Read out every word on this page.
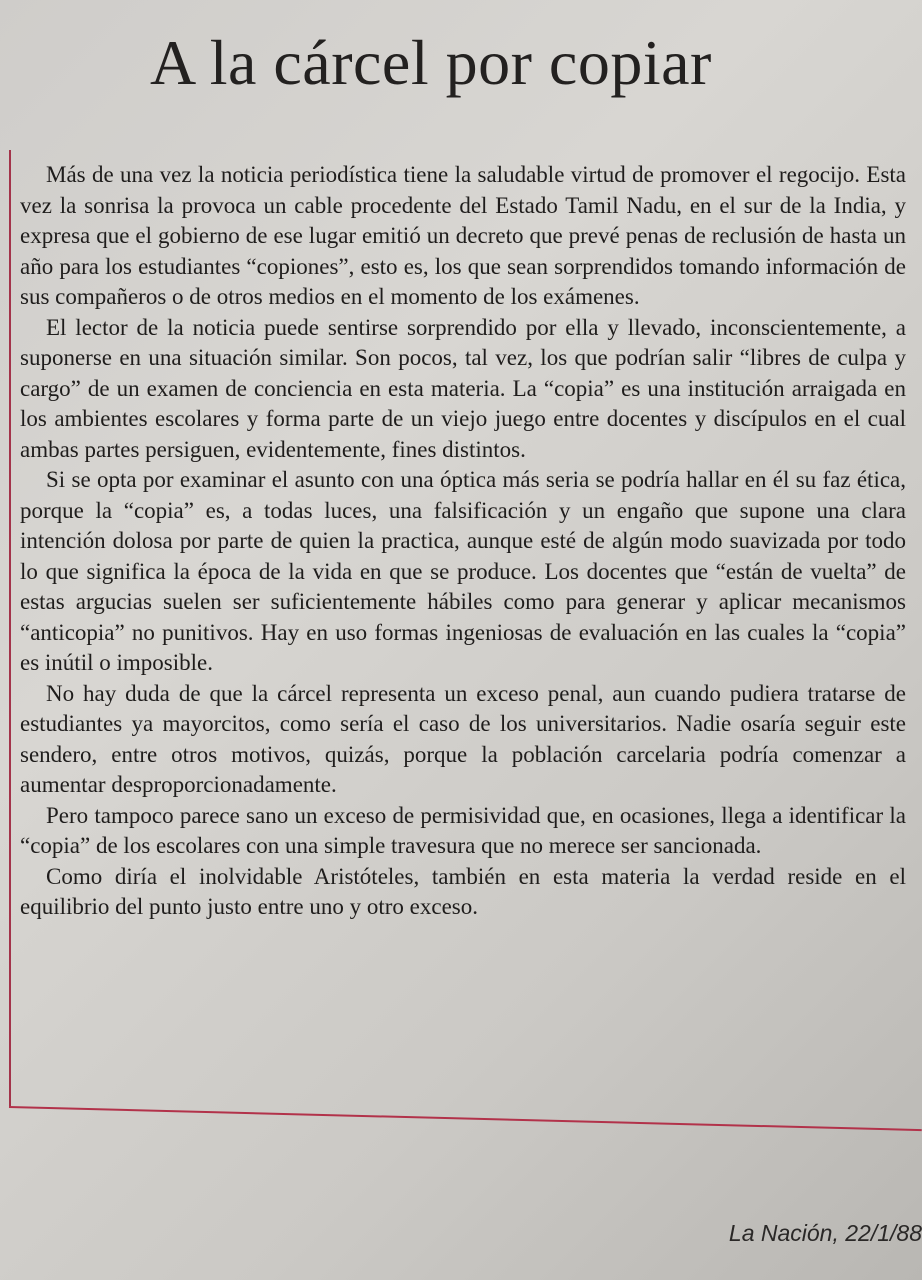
A la cárcel por copiar

Más de una vez la noticia periodística tiene la saludable virtud de promover el regocijo. Esta vez la sonrisa la provoca un cable procedente del Estado Tamil Nadu, en el sur de la India, y expresa que el gobierno de ese lugar emitió un decreto que prevé penas de reclusión de hasta un año para los estudiantes “copiones”, esto es, los que sean sorprendidos tomando información de sus compañeros o de otros medios en el momento de los exámenes.

El lector de la noticia puede sentirse sorprendido por ella y llevado, inconscientemente, a suponerse en una situación similar. Son pocos, tal vez, los que podrían salir “libres de culpa y cargo” de un examen de conciencia en esta materia. La “copia” es una institución arraigada en los ambientes escolares y forma parte de un viejo juego entre docentes y discípulos en el cual ambas partes persiguen, evidentemente, fines distintos.

Si se opta por examinar el asunto con una óptica más seria se podría hallar en él su faz ética, porque la “copia” es, a todas luces, una falsificación y un engaño que supone una clara intención dolosa por parte de quien la practica, aunque esté de algún modo suavizada por todo lo que significa la época de la vida en que se produce. Los docentes que “están de vuelta” de estas argucias suelen ser suficientemente hábiles como para generar y aplicar mecanismos “anticopia” no punitivos. Hay en uso formas ingeniosas de evaluación en las cuales la “copia” es inútil o imposible.

No hay duda de que la cárcel representa un exceso penal, aun cuando pudiera tratarse de estudiantes ya mayorcitos, como sería el caso de los universitarios. Nadie osaría seguir este sendero, entre otros motivos, quizás, porque la población carcelaria podría comenzar a aumentar desproporcionadamente.

Pero tampoco parece sano un exceso de permisividad que, en ocasiones, llega a identificar la “copia” de los escolares con una simple travesura que no merece ser sancionada.

Como diría el inolvidable Aristóteles, también en esta materia la verdad reside en el equilibrio del punto justo entre uno y otro exceso.

La Nación, 22/1/88
